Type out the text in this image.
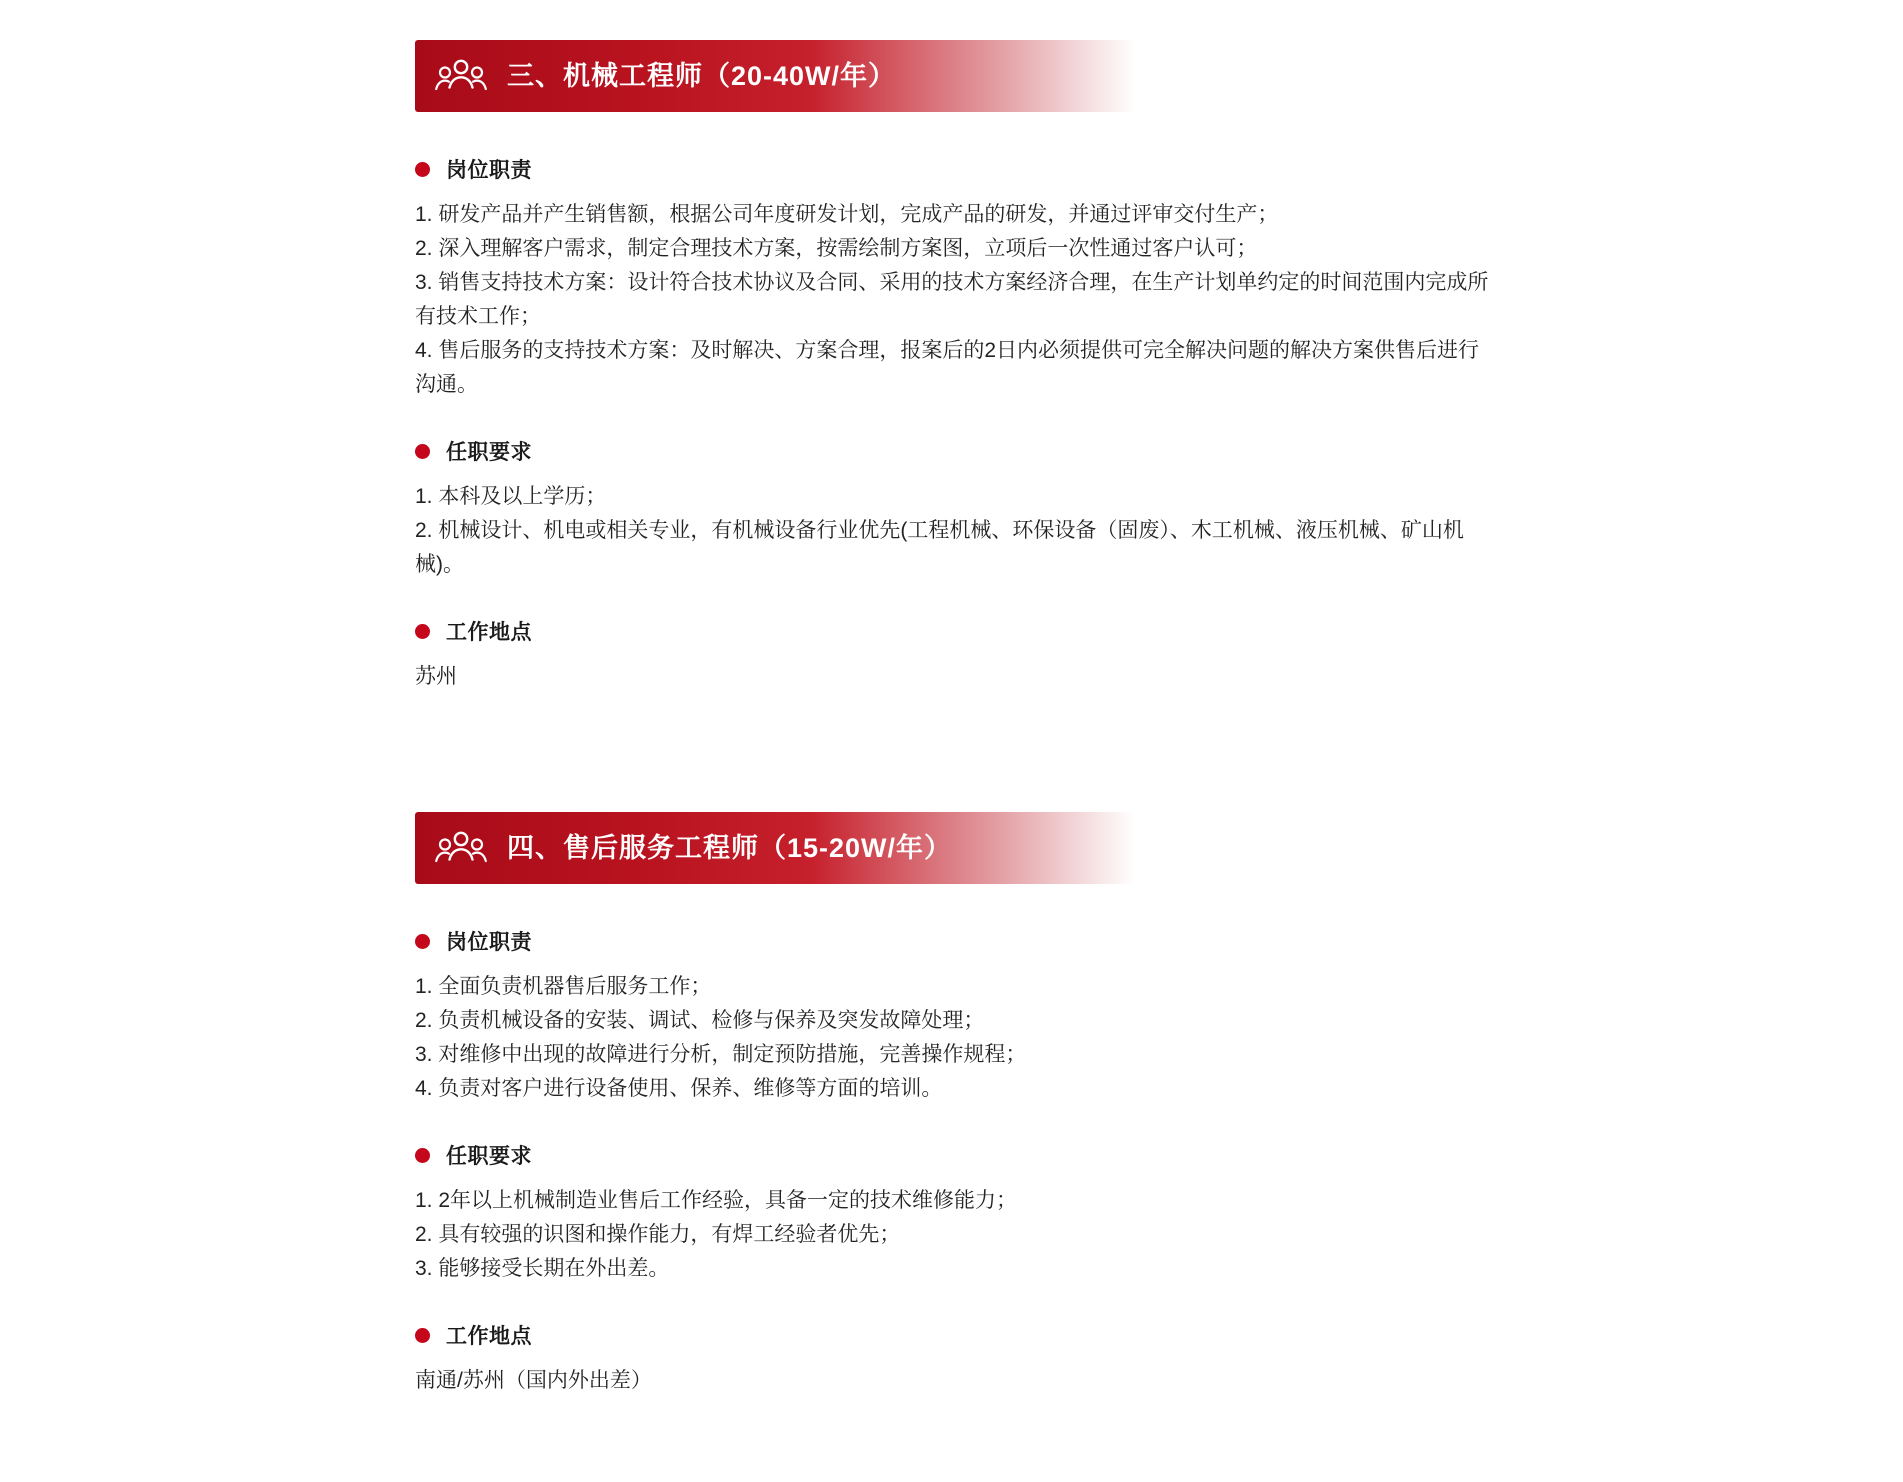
三、机械工程师（20-40W/年）
岗位职责

1. 研发产品并产生销售额，根据公司年度研发计划，完成产品的研发，并通过评审交付生产；

2. 深入理解客户需求，制定合理技术方案，按需绘制方案图，立项后一次性通过客户认可；

3. 销售支持技术方案：设计符合技术协议及合同、采用的技术方案经济合理，在生产计划单约定的时间范围内完成所有技术工作；

4. 售后服务的支持技术方案：及时解决、方案合理，报案后的2日内必须提供可完全解决问题的解决方案供售后进行沟通。

任职要求

1. 本科及以上学历；

2. 机械设计、机电或相关专业，有机械设备行业优先(工程机械、环保设备（固废）、木工机械、液压机械、矿山机械)。

工作地点

苏州

四、售后服务工程师（15-20W/年）
岗位职责

1. 全面负责机器售后服务工作；

2. 负责机械设备的安装、调试、检修与保养及突发故障处理；

3. 对维修中出现的故障进行分析，制定预防措施，完善操作规程；

4. 负责对客户进行设备使用、保养、维修等方面的培训。

任职要求

1. 2年以上机械制造业售后工作经验，具备一定的技术维修能力；

2. 具有较强的识图和操作能力，有焊工经验者优先；

3. 能够接受长期在外出差。

工作地点

南通/苏州（国内外出差）
